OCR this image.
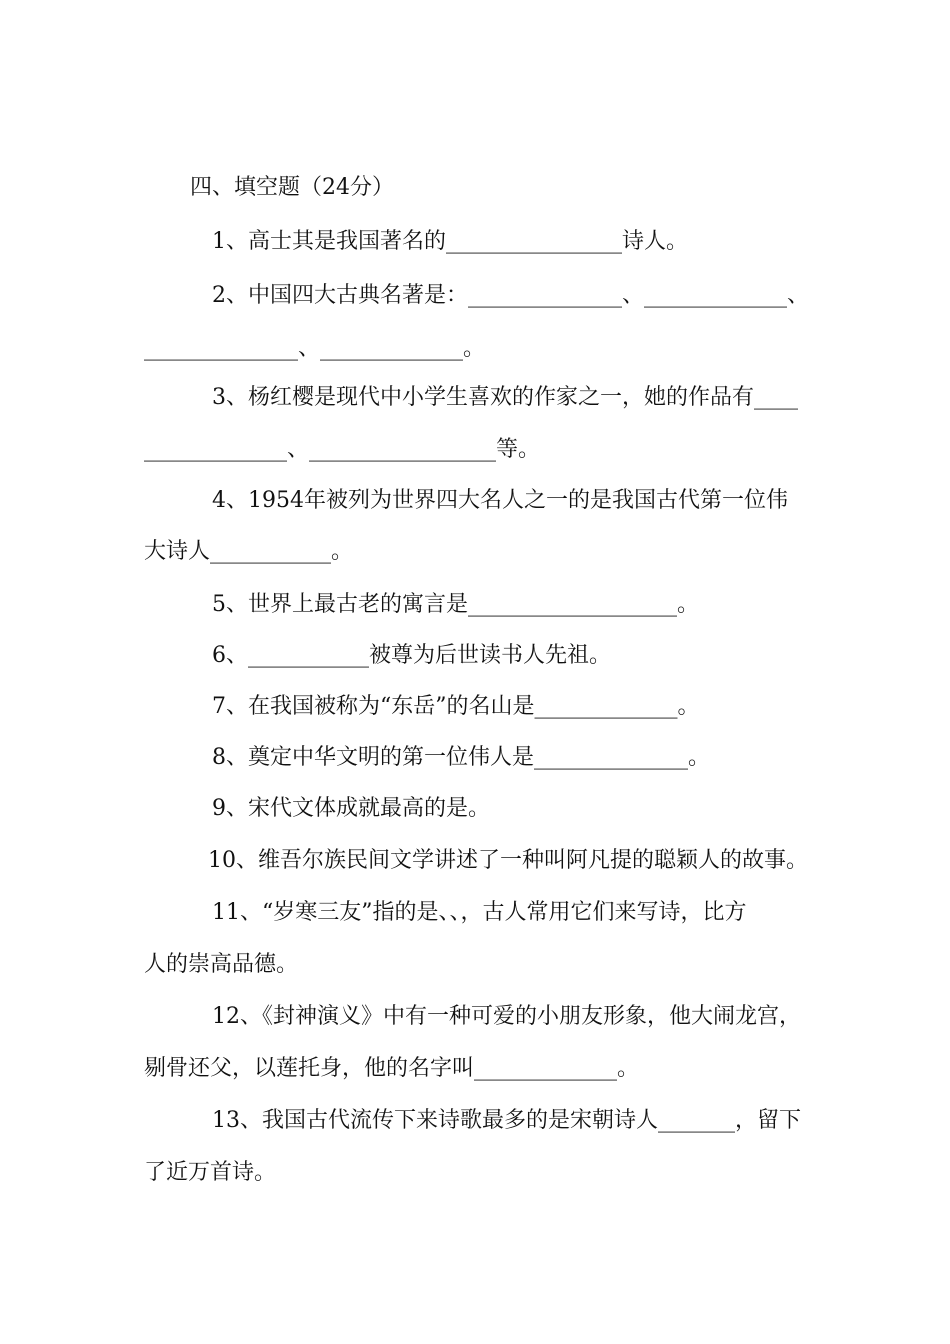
四、填空题（24分）
1、高士其是我国著名的________________诗人。
2、中国四大古典名著是：______________、_____________、
______________、_____________。
3、杨红樱是现代中小学生喜欢的作家之一，她的作品有____
_____________、_________________等。
4、1954年被列为世界四大名人之一的是我国古代第一位伟
大诗人___________。
5、世界上最古老的寓言是___________________。
6、___________被尊为后世读书人先祖。
7、在我国被称为“东岳”的名山是_____________。
8、奠定中华文明的第一位伟人是______________。
9、宋代文体成就最高的是。
10、维吾尔族民间文学讲述了一种叫阿凡提的聪颖人的故事。
11、“岁寒三友”指的是、、，古人常用它们来写诗，比方
人的崇高品德。
12、《封神演义》中有一种可爱的小朋友形象，他大闹龙宫，
剔骨还父，以莲托身，他的名字叫_____________。
13、我国古代流传下来诗歌最多的是宋朝诗人_______，留下
了近万首诗。
